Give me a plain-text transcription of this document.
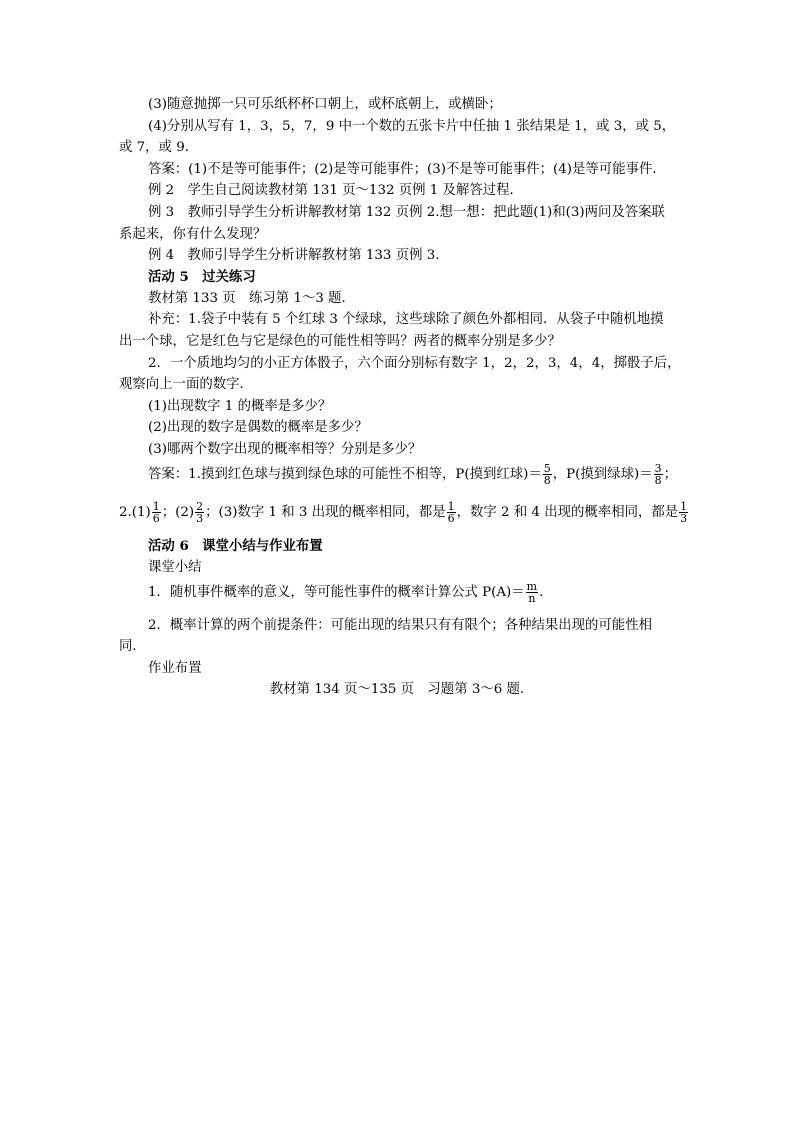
(3)随意抛掷一只可乐纸杯杯口朝上，或杯底朝上，或横卧；
(4)分别从写有 1，3，5，7，9 中一个数的五张卡片中任抽 1 张结果是 1，或 3，或 5，
或 7，或 9.
答案：(1)不是等可能事件；(2)是等可能事件；(3)不是等可能事件；(4)是等可能事件．
例 2　学生自己阅读教材第 131 页～132 页例 1 及解答过程．
例 3　教师引导学生分析讲解教材第 132 页例 2.想一想：把此题(1)和(3)两问及答案联
系起来，你有什么发现？
例 4　教师引导学生分析讲解教材第 133 页例 3.
活动 5　过关练习
教材第 133 页　练习第 1～3 题．
补充：1.袋子中装有 5 个红球 3 个绿球，这些球除了颜色外都相同．从袋子中随机地摸
出一个球，它是红色与它是绿色的可能性相等吗？两者的概率分别是多少？
2．一个质地均匀的小正方体骰子，六个面分别标有数字 1，2，2，3，4，4，掷骰子后，
观察向上一面的数字．
(1)出现数字 1 的概率是多少？
(2)出现的数字是偶数的概率是多少？
(3)哪两个数字出现的概率相等？分别是多少？
答案：1.摸到红色球与摸到绿色球的可能性不相等，P(摸到红球)＝ $\frac{5}{8}$ ，P(摸到绿球)＝ $\frac{3}{8}$ ；
$2.(1) \frac{1}{6}$ ；$(2) \frac{2}{3}$ ；(3)数字 1 和 3 出现的概率相同，都是 $\frac{1}{6}$ ，数字 2 和 4 出现的概率相同，都是 $\frac{1}{3}$
活动 6　课堂小结与作业布置
课堂小结
1．随机事件概率的意义，等可能性事件的概率计算公式 $P(A)= \frac{m}{n}$ .
2．概率计算的两个前提条件：可能出现的结果只有有限个；各种结果出现的可能性相
同．
作业布置
教材第 134 页～135 页　习题第 3～6 题.
